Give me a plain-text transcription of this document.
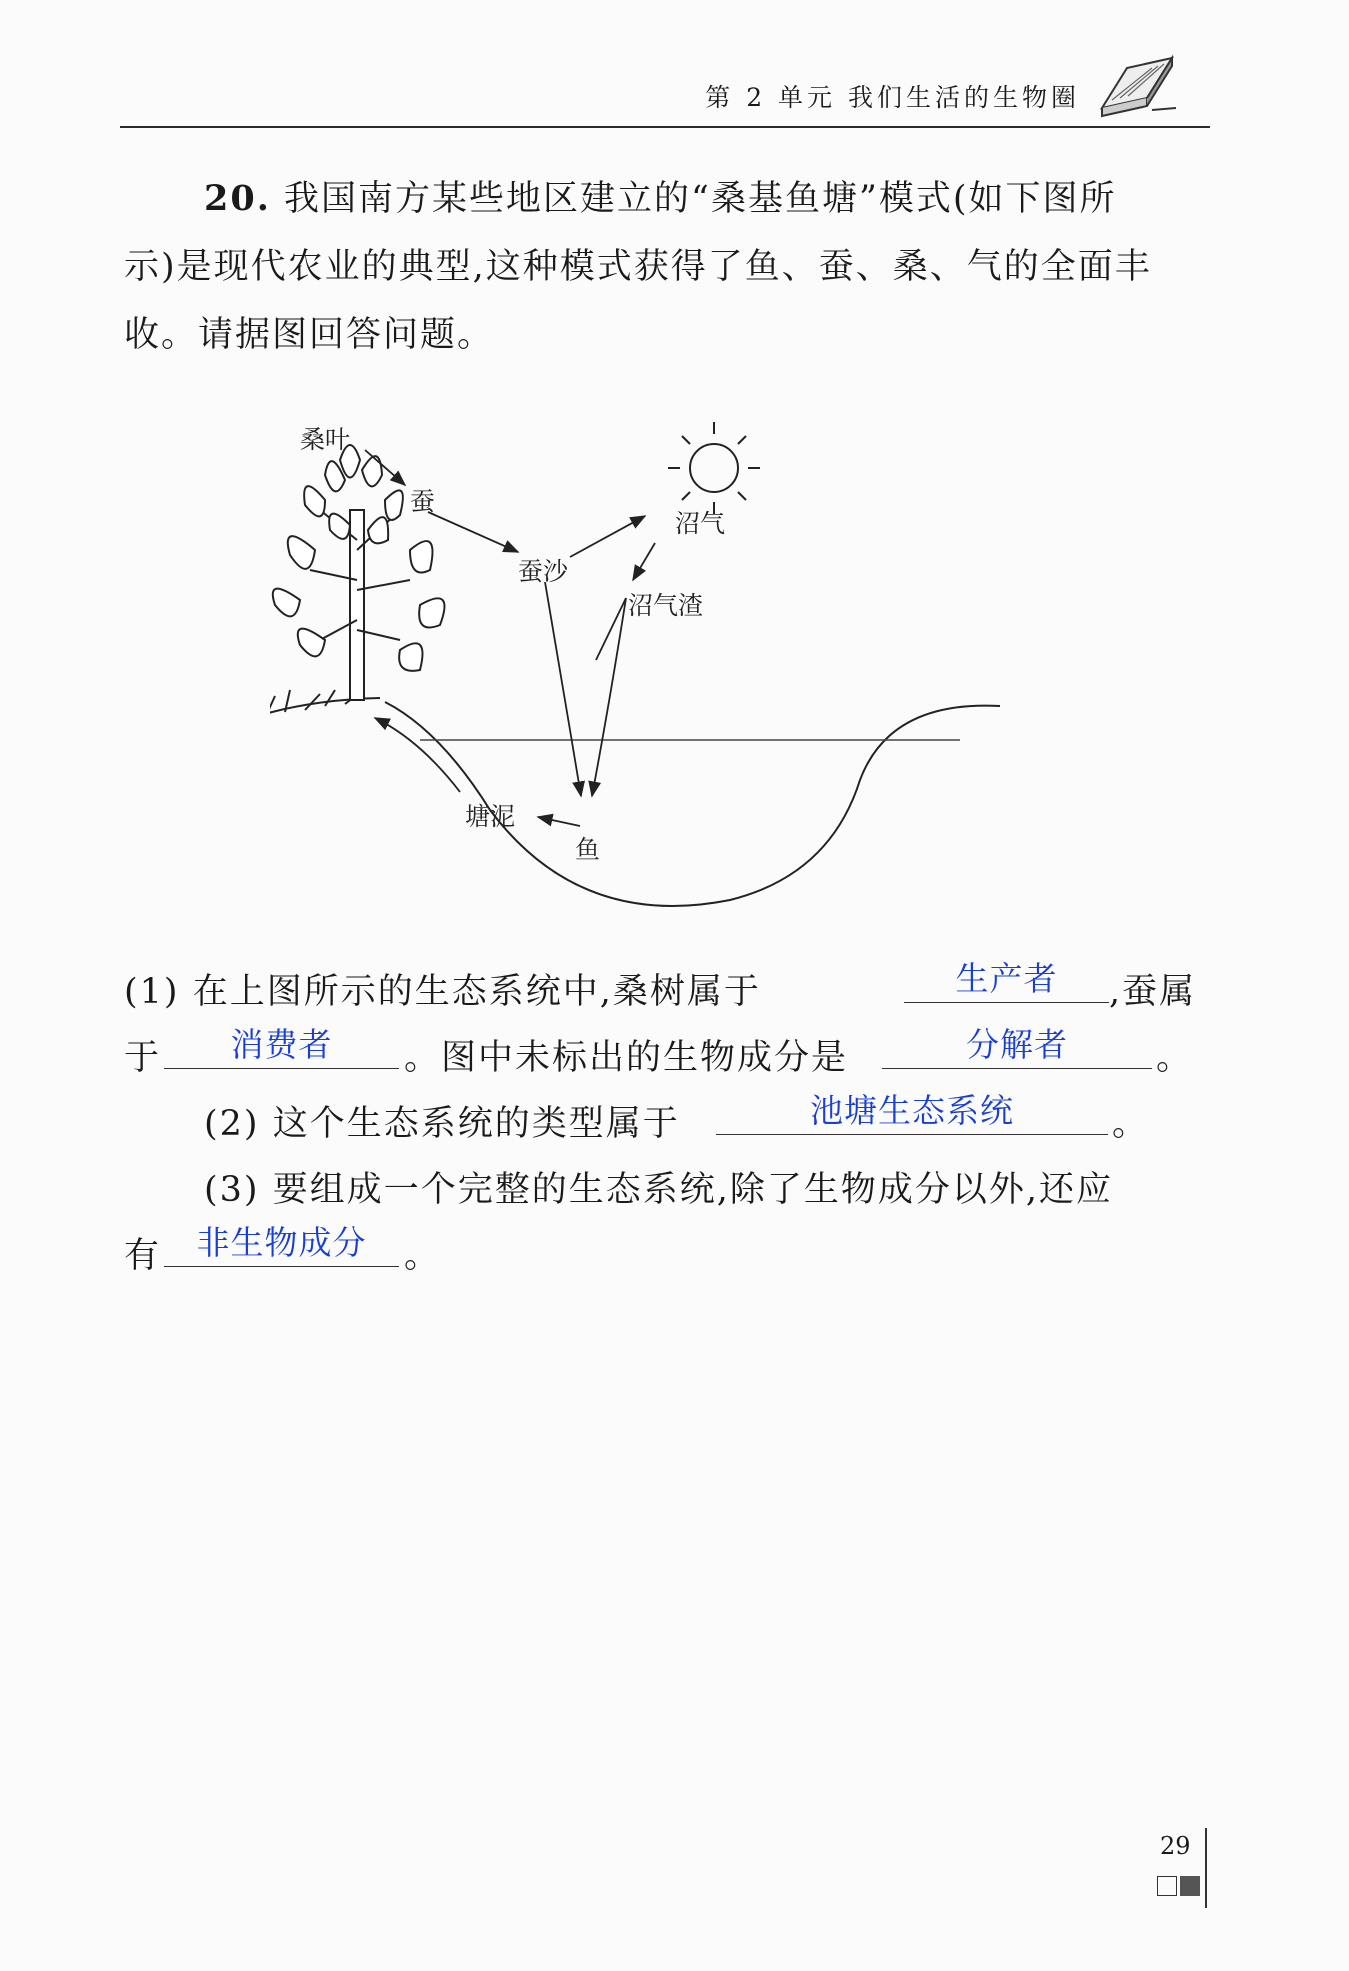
第 2 单元 我们生活的生物圈
20. 我国南方某些地区建立的“桑基鱼塘”模式(如下图所
示)是现代农业的典型,这种模式获得了鱼、蚕、桑、气的全面丰
收。请据图回答问题。
桑叶
蚕
蚕沙
沼气
沼气渣
塘泥
鱼
(1) 在上图所示的生态系统中,桑树属于	生产者	,蚕属
于	消费者	。图中未标出的生物成分是	分解者	。
(2) 这个生态系统的类型属于	池塘生态系统	。
(3) 要组成一个完整的生态系统,除了生物成分以外,还应
有	非生物成分	。
29
